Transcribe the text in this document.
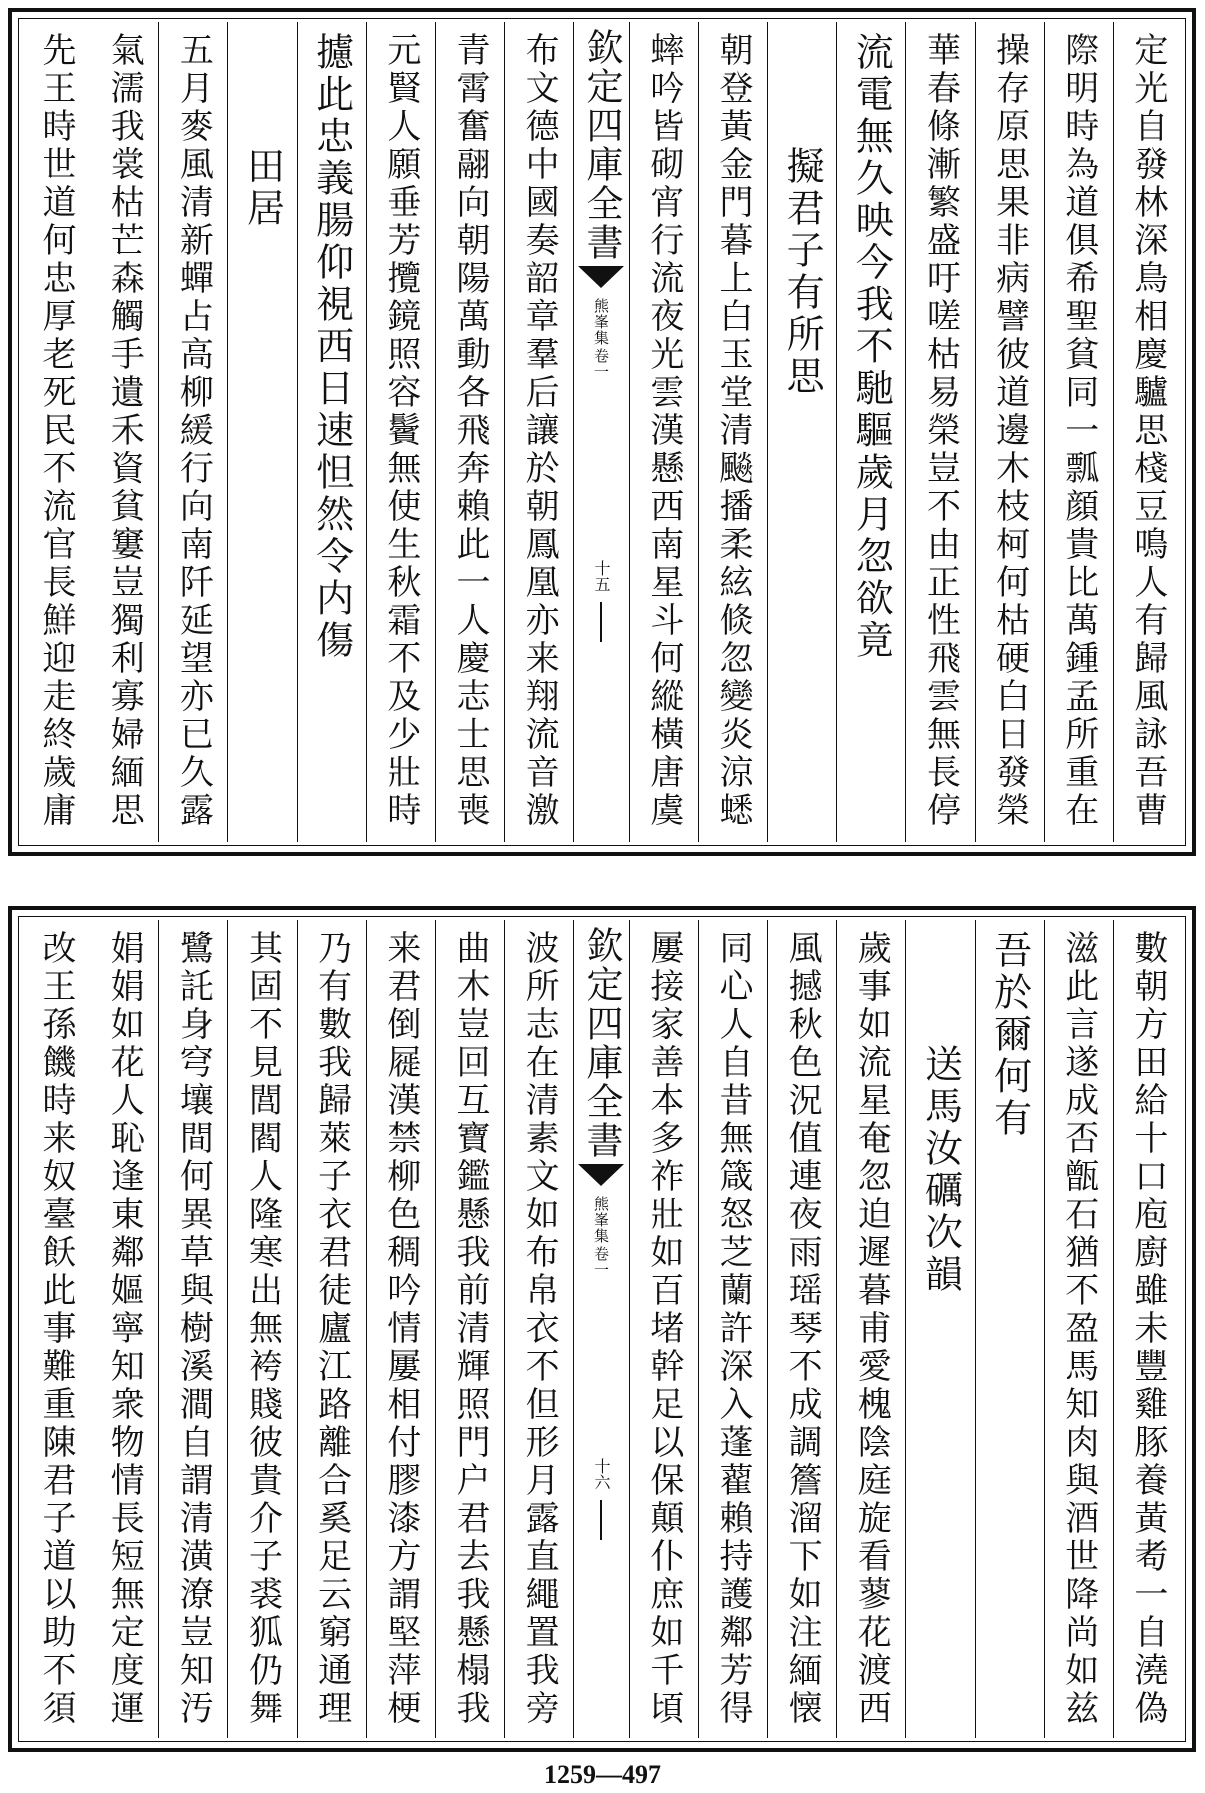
定光自發林深鳥相慶驢思棧豆鳴人有歸風詠吾曹
際明時為道俱希聖貧同一瓢顔貴比萬鍾孟所重在
操存原思果非病譬彼道邊木枝柯何枯硬白日發榮
華春條漸繁盛吁嗟枯易榮豈不由正性飛雲無長停
流電無久映今我不馳驅歲月忽欲竟
擬君子有所思
朝登黃金門暮上白玉堂清飈播柔絃倐忽變炎涼蟋
蟀吟皆砌宵行流夜光雲漢懸西南星斗何縱橫唐虞
欽定四庫全書
熊峯集
卷一
十五
布文德中國奏韶章羣后讓於朝鳳凰亦来翔流音激
青霄奮翮向朝陽萬動各飛奔賴此一人慶志士思喪
元賢人願垂芳攬鏡照容鬢無使生秋霜不及少壯時
攄此忠義腸仰視西日速怛然令内傷
田居
五月麥風清新蟬占高柳緩行向南阡延望亦已久露
氣濡我裳枯芒森觸手遺禾資貧窶豈獨利寡婦緬思
先王時世道何忠厚老死民不流官長鮮迎走終歲庸
數朝方田給十口庖廚雖未豐雞豚養黃耇一自澆偽
滋此言遂成否甑石猶不盈馬知肉與酒世降尚如兹
吾於爾何有
送馬汝礪次韻
歲事如流星奄忽迫遲暮甫愛槐陰庭旋看蓼花渡西
風撼秋色況值連夜雨瑶琴不成調簷溜下如注緬懐
同心人自昔無箴怒芝蘭許深入蓬藋賴持護鄰芳得
屢接家善本多祚壯如百堵幹足以保顛仆庶如千頃
欽定四庫全書
熊峯集
卷一
十六
波所志在清素文如布帛衣不但形月露直繩置我旁
曲木豈回互寶鑑懸我前清輝照門户君去我懸榻我
来君倒屣漢禁柳色稠吟情屢相付膠漆方謂堅萍梗
乃有數我歸萊子衣君徒廬江路離合奚足云窮通理
其固不見閭閻人隆寒出無袴賤彼貴介子裘狐仍舞
鷺託身穹壤間何異草與樹溪澗自謂清潢潦豈知汚
娟娟如花人恥逢東鄰嫗寧知衆物情長短無定度運
改王孫饑時来奴臺飫此事難重陳君子道以助不須
1259—497
